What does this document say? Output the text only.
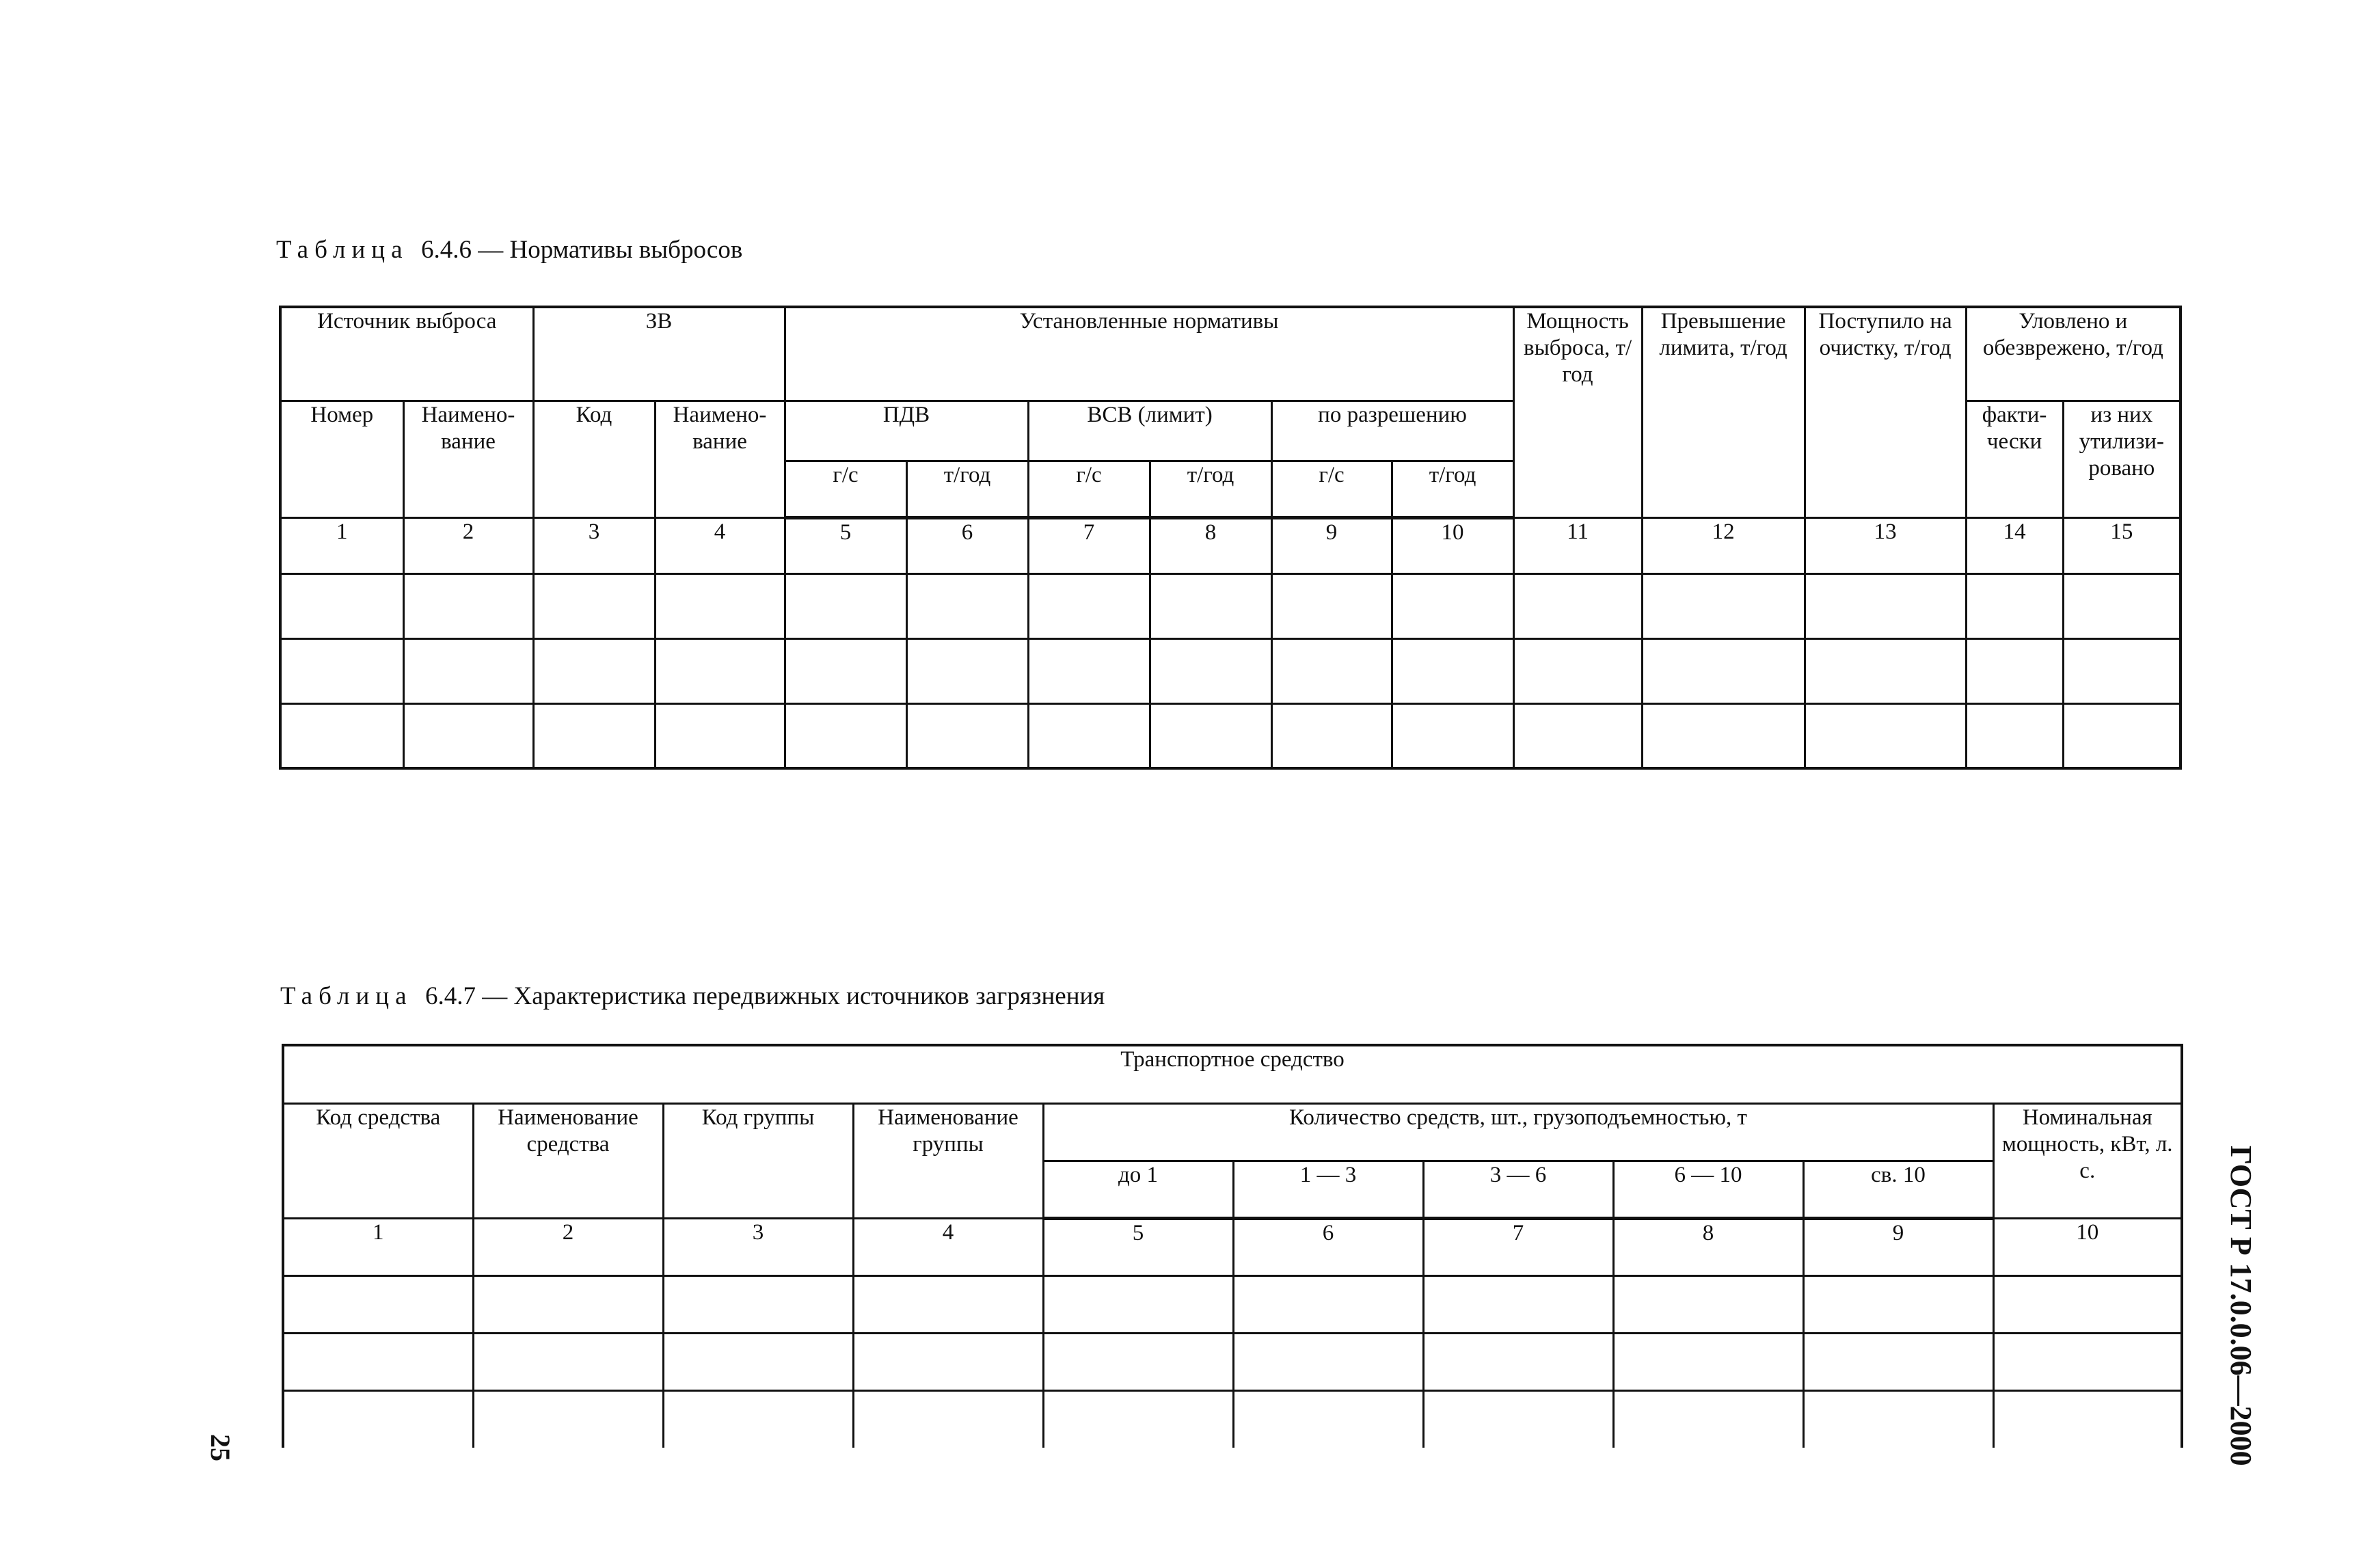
Таблица 6.4.6 — Нормативы выбросов
Источник выброса		ЗВ		Установленные нормативы						Мощность выброса, т/год	Превышение лимита, т/год	Поступило на очистку, т/год	Уловлено и обезврежено, т/год	
Номер	Наимено- вание	Код	Наимено- вание	ПДВ		ВСВ (лимит)		по разрешению					факти- чески	из них утилизи- ровано
				г/с	т/год	г/с	т/год	г/с	т/год					
1	2	3	4	5	6	7	8	9	10	11	12	13	14	15

Таблица 6.4.7 — Характеристика передвижных источников загрязнения
Транспортное средство									
Код средства	Наименование средства	Код группы	Наименование группы	Количество средств, шт., грузоподъемностью, т					Номинальная мощность, кВт, л. с.
				до 1	1 — 3	3 — 6	6 — 10	св. 10	
1	2	3	4	5	6	7	8	9	10

										ГОСТ Р 17.0.0.06—2000
25
